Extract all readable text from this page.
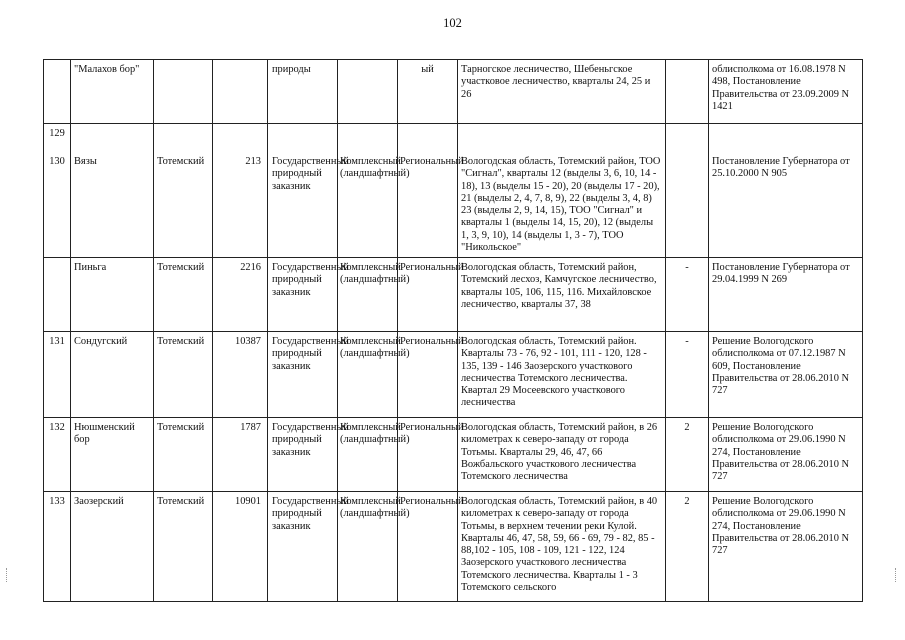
102
	"Малахов бор"			природы		ый	Тарногское лесничество, Шебеньгское участковое лесничество, кварталы 24, 25 и 26		облисполкома от 16.08.1978 N 498, Постановление Правительства от 23.09.2009 N 1421

129
130	Вязы	Тотемский	213	Государственный природный заказник	Комплексный (ландшафтный)	Региональный	Вологодская область, Тотемский район, ТОО "Сигнал", кварталы 12 (выделы 3, 6, 10, 14 - 18), 13 (выделы 15 - 20), 20 (выделы 17 - 20), 21 (выделы 2, 4, 7, 8, 9), 22 (выделы 3, 4, 8) 23 (выделы 2, 9, 14, 15), ТОО "Сигнал" и кварталы 1 (выделы 14, 15, 20), 12 (выделы 1, 3, 9, 10), 14 (выделы 1, 3 - 7), ТОО "Никольское"		Постановление Губернатора от 25.10.2000 N 905
	Пиньга	Тотемский	2216	Государственный природный заказник	Комплексный (ландшафтный)	Региональный	Вологодская область, Тотемский район, Тотемский лесхоз, Камчугское лесничество, кварталы 105, 106, 115, 116. Михайловское лесничество, кварталы 37, 38	-	Постановление Губернатора от 29.04.1999 N 269
131	Сондугский	Тотемский	10387	Государственный природный заказник	Комплексный (ландшафтный)	Региональный	Вологодская область, Тотемский район. Кварталы 73 - 76, 92 - 101, 111 - 120, 128 - 135, 139 - 146 Заозерского участкового лесничества Тотемского лесничества. Квартал 29 Мосеевского участкового лесничества	-	Решение Вологодского облисполкома от 07.12.1987 N 609, Постановление Правительства от 28.06.2010 N 727
132	Нюшменский бор	Тотемский	1787	Государственный природный заказник	Комплексный (ландшафтный)	Региональный	Вологодская область, Тотемский район, в 26 километрах к северо-западу от города Тотьмы. Кварталы 29, 46, 47, 66 Вожбальского участкового лесничества Тотемского лесничества	2	Решение Вологодского облисполкома от 29.06.1990 N 274, Постановление Правительства от 28.06.2010 N 727
133	Заозерский	Тотемский	10901	Государственный природный заказник	Комплексный (ландшафтный)	Региональный	Вологодская область, Тотемский район, в 40 километрах к северо-западу от города Тотьмы, в верхнем течении реки Кулой. Кварталы 46, 47, 58, 59, 66 - 69, 79 - 82, 85 - 88,102 - 105, 108 - 109, 121 - 122, 124 Заозерского участкового лесничества Тотемского лесничества. Кварталы 1 - 3 Тотемского сельского	2	Решение Вологодского облисполкома от 29.06.1990 N 274, Постановление Правительства от 28.06.2010 N 727
